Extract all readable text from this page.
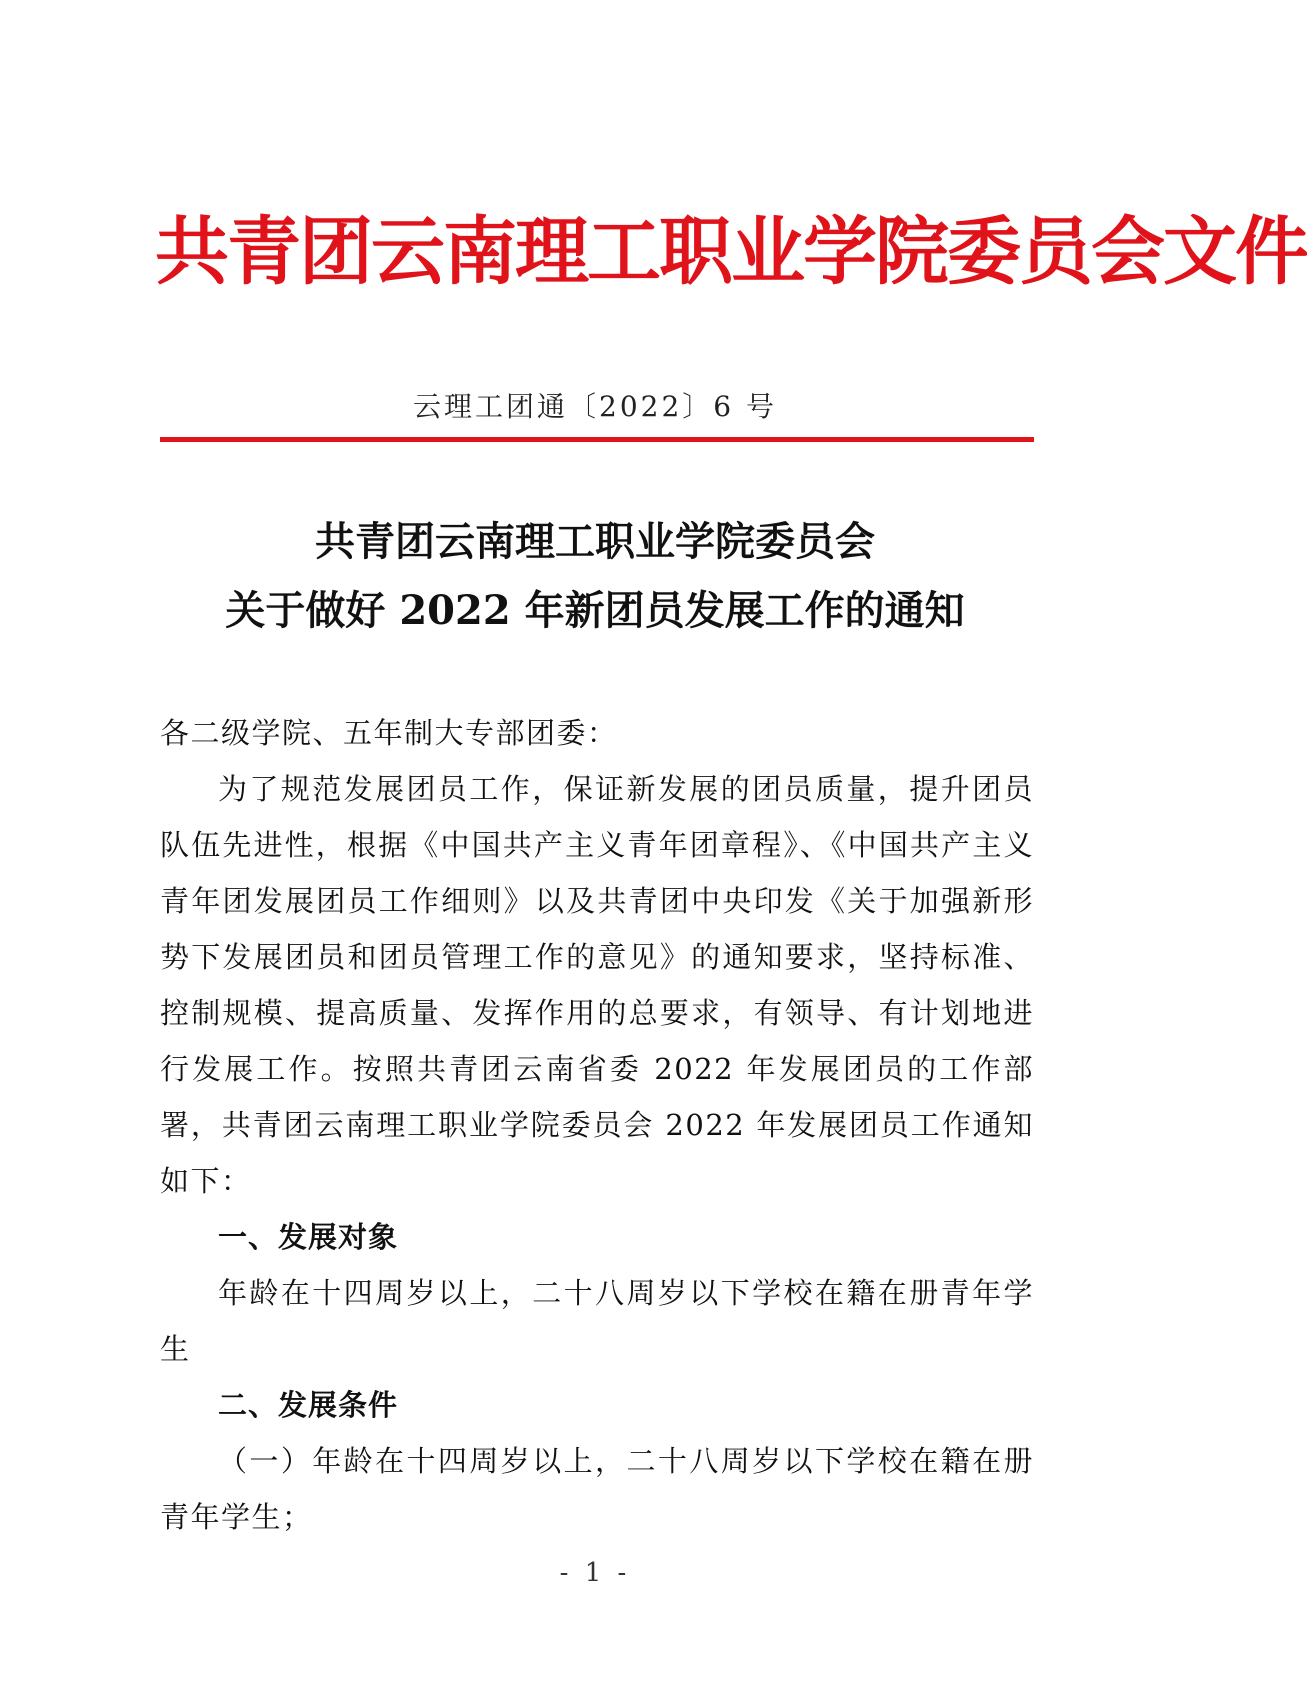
共青团云南理工职业学院委员会文件
云理工团通〔2022〕6 号
共青团云南理工职业学院委员会
关于做好 2022 年新团员发展工作的通知

各二级学院、五年制大专部团委：

为了规范发展团员工作，保证新发展的团员质量，提升团员队伍先进性，根据《中国共产主义青年团章程》、《中国共产主义青年团发展团员工作细则》以及共青团中央印发《关于加强新形势下发展团员和团员管理工作的意见》的通知要求，坚持标准、控制规模、提高质量、发挥作用的总要求，有领导、有计划地进行发展工作。按照共青团云南省委 2022 年发展团员的工作部署，共青团云南理工职业学院委员会 2022 年发展团员工作通知如下：

一、发展对象

年龄在十四周岁以上，二十八周岁以下学校在籍在册青年学生

二、发展条件

（一）年龄在十四周岁以上，二十八周岁以下学校在籍在册青年学生；

- 1 -
